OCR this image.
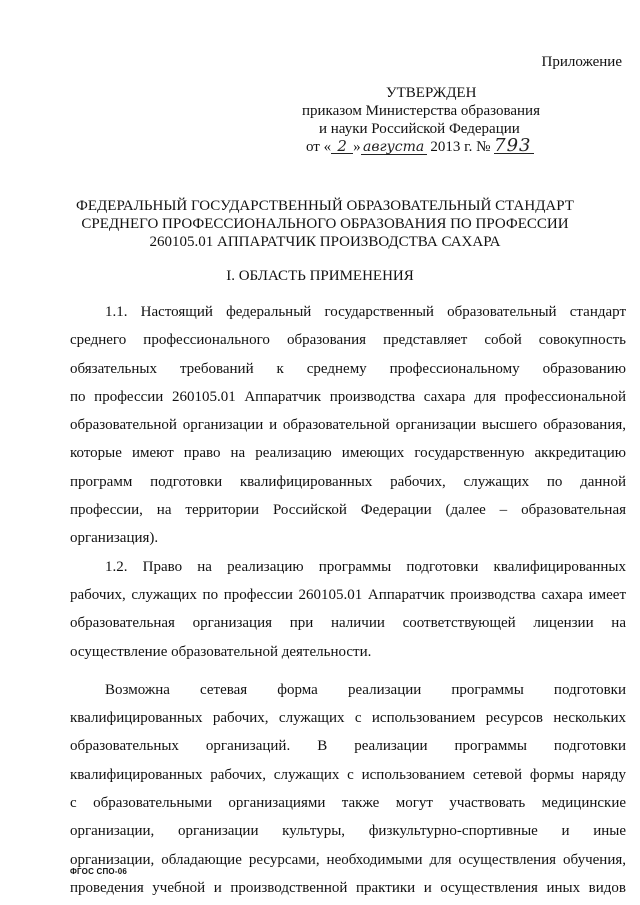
Приложение
УТВЕРЖДЕН
приказом Министерства образования
и науки Российской Федерации
от « 2 » августа 2013 г. № 793
ФЕДЕРАЛЬНЫЙ ГОСУДАРСТВЕННЫЙ ОБРАЗОВАТЕЛЬНЫЙ СТАНДАРТ
СРЕДНЕГО ПРОФЕССИОНАЛЬНОГО ОБРАЗОВАНИЯ ПО ПРОФЕССИИ
260105.01 АППАРАТЧИК ПРОИЗВОДСТВА САХАРА
I. ОБЛАСТЬ ПРИМЕНЕНИЯ
1.1. Настоящий федеральный государственный образовательный стандарт
среднего профессионального образования представляет собой совокупность
обязательных требований к среднему профессиональному образованию
по профессии 260105.01 Аппаратчик производства сахара для профессиональной
образовательной организации и образовательной организации высшего образования,
которые имеют право на реализацию имеющих государственную аккредитацию
программ подготовки квалифицированных рабочих, служащих по данной
профессии, на территории Российской Федерации (далее – образовательная
организация).
1.2. Право на реализацию программы подготовки квалифицированных
рабочих, служащих по профессии 260105.01 Аппаратчик производства сахара имеет
образовательная организация при наличии соответствующей лицензии на
осуществление образовательной деятельности.
Возможна сетевая форма реализации программы подготовки
квалифицированных рабочих, служащих с использованием ресурсов нескольких
образовательных организаций. В реализации программы подготовки
квалифицированных рабочих, служащих с использованием сетевой формы наряду
с образовательными организациями также могут участвовать медицинские
организации, организации культуры, физкультурно-спортивные и иные
организации, обладающие ресурсами, необходимыми для осуществления обучения,
проведения учебной и производственной практики и осуществления иных видов
ФГОС СПО-06
